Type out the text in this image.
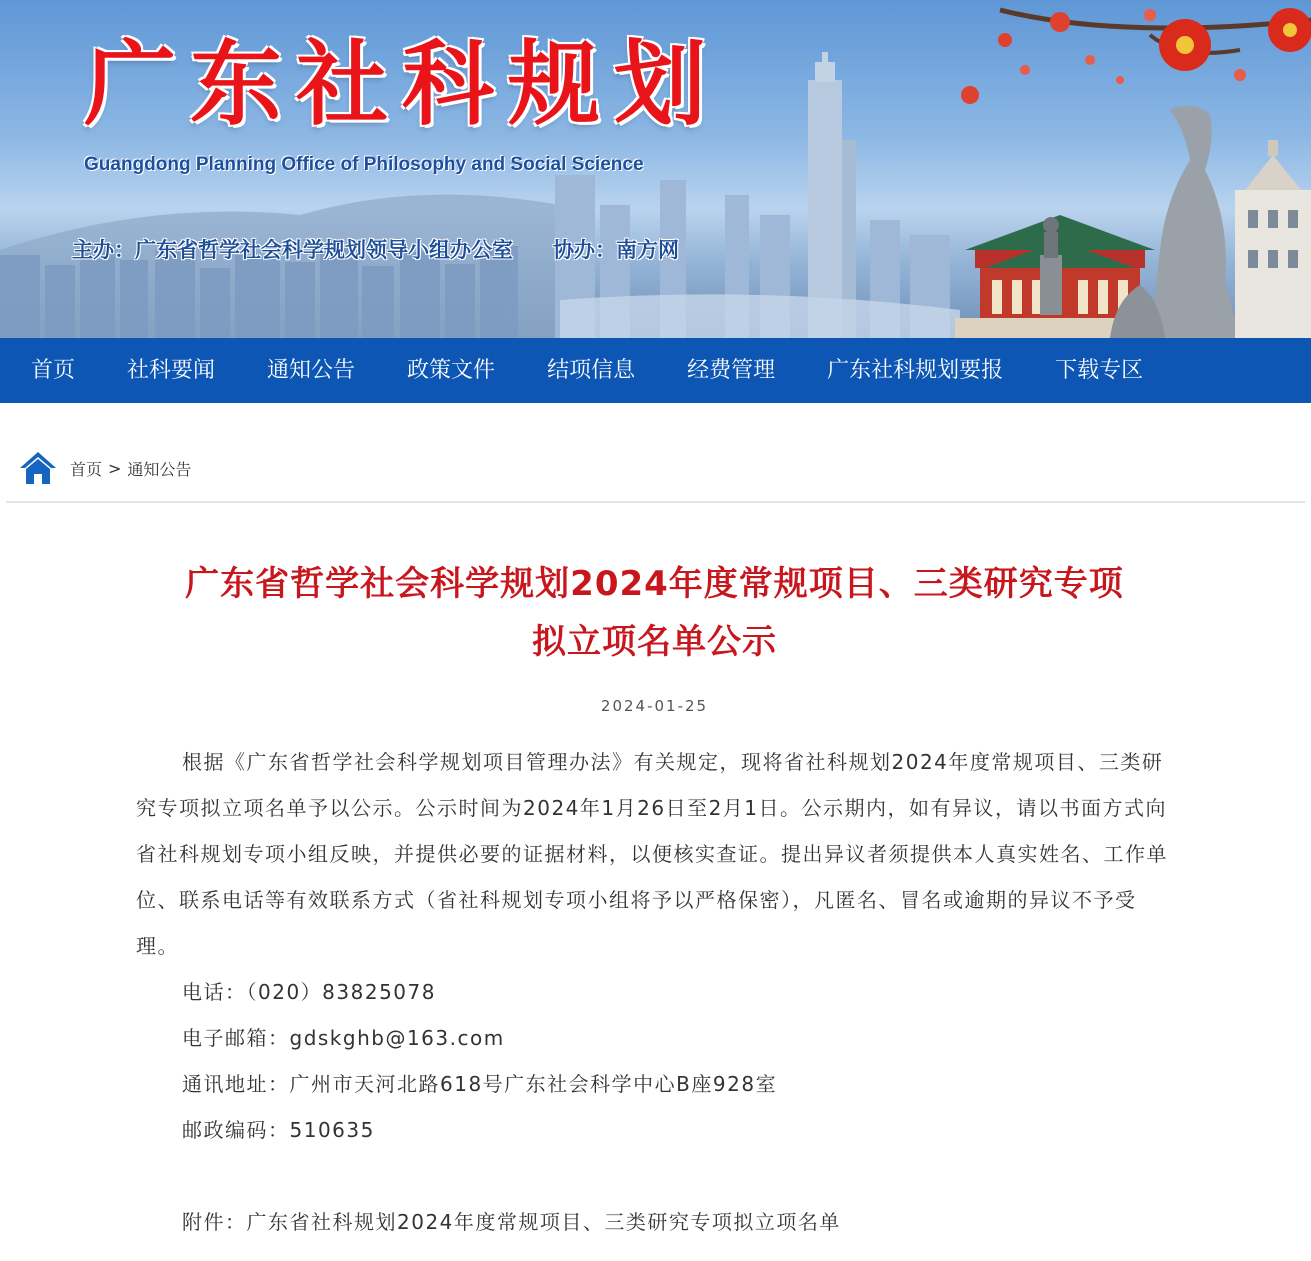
广东社科规划
Guangdong Planning Office of Philosophy and Social Science
主办：广东省哲学社会科学规划领导小组办公室 协办：南方网
首页	社科要闻	通知公告	政策文件	结项信息	经费管理	广东社科规划要报	下载专区
首页 > 通知公告
广东省哲学社会科学规划2024年度常规项目、三类研究专项
拟立项名单公示
2024-01-25

根据《广东省哲学社会科学规划项目管理办法》有关规定，现将省社科规划2024年度常规项目、三类研究专项拟立项名单予以公示。公示时间为2024年1月26日至2月1日。公示期内，如有异议，请以书面方式向省社科规划专项小组反映，并提供必要的证据材料，以便核实查证。提出异议者须提供本人真实姓名、工作单位、联系电话等有效联系方式（省社科规划专项小组将予以严格保密），凡匿名、冒名或逾期的异议不予受理。

电话：（020）83825078

电子邮箱：gdskghb@163.com

通讯地址：广州市天河北路618号广东社会科学中心B座928室

邮政编码：510635

附件：广东省社科规划2024年度常规项目、三类研究专项拟立项名单
